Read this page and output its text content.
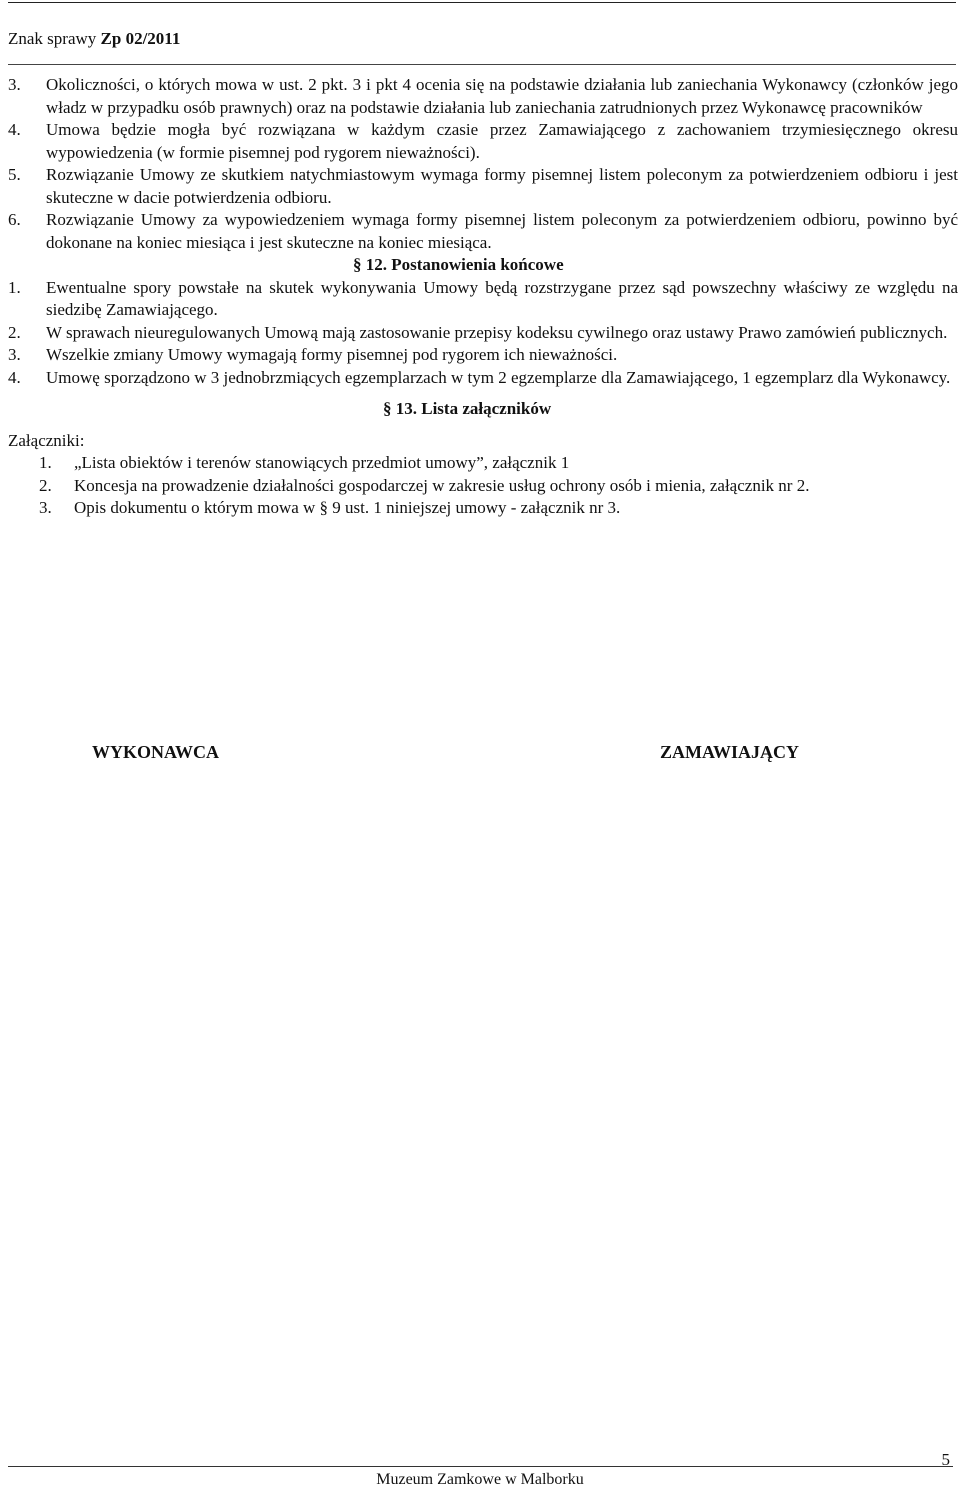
Znak sprawy Zp 02/2011
3. Okoliczności, o których mowa w ust. 2 pkt. 3 i pkt 4 ocenia się na podstawie działania lub zaniechania Wykonawcy (członków jego władz w przypadku osób prawnych) oraz na podstawie działania lub zaniechania zatrudnionych przez Wykonawcę pracowników
4. Umowa będzie mogła być rozwiązana w każdym czasie przez Zamawiającego z zachowaniem trzymiesięcznego okresu wypowiedzenia (w formie pisemnej pod rygorem nieważności).
5. Rozwiązanie Umowy ze skutkiem natychmiastowym wymaga formy pisemnej listem poleconym za potwierdzeniem odbioru i jest skuteczne w dacie potwierdzenia odbioru.
6. Rozwiązanie Umowy za wypowiedzeniem wymaga formy pisemnej listem poleconym za potwierdzeniem odbioru, powinno być dokonane na koniec miesiąca i jest skuteczne na koniec miesiąca.
§ 12. Postanowienia końcowe
1. Ewentualne spory powstałe na skutek wykonywania Umowy będą rozstrzygane przez sąd powszechny właściwy ze względu na siedzibę Zamawiającego.
2. W sprawach nieuregulowanych Umową mają zastosowanie przepisy kodeksu cywilnego oraz ustawy Prawo zamówień publicznych.
3. Wszelkie zmiany Umowy wymagają formy pisemnej pod rygorem ich nieważności.
4. Umowę sporządzono w 3 jednobrzmiących egzemplarzach w tym 2 egzemplarze dla Zamawiającego, 1 egzemplarz dla Wykonawcy.
§ 13. Lista załączników
Załączniki:
1. „Lista obiektów i terenów stanowiących przedmiot umowy”, załącznik 1
2. Koncesja na prowadzenie działalności gospodarczej w zakresie usług ochrony osób i mienia, załącznik nr 2.
3. Opis dokumentu o którym mowa w § 9 ust. 1 niniejszej umowy - załącznik nr 3.
WYKONAWCA	ZAMAWIAJĄCY
5
Muzeum Zamkowe w Malborku
